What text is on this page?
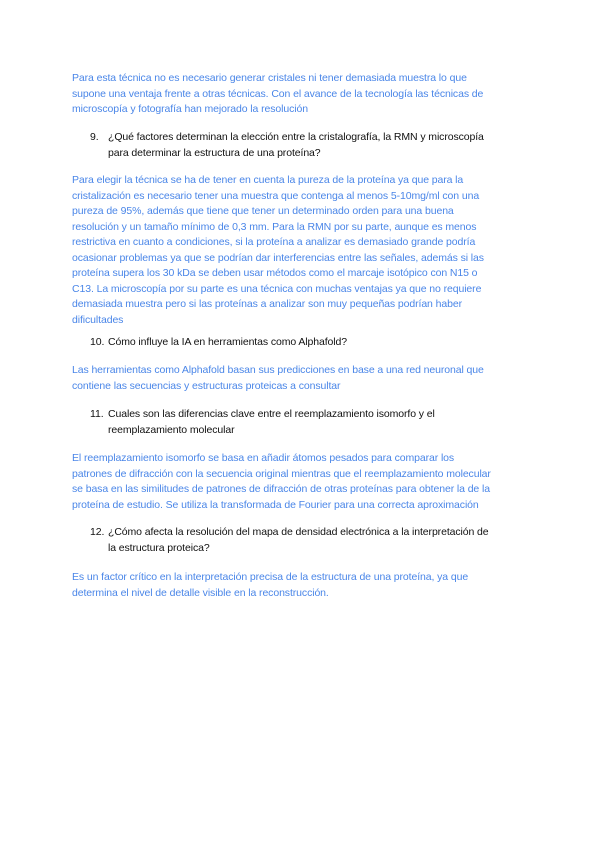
Para esta técnica no es necesario generar cristales ni tener demasiada muestra lo que
supone una ventaja frente a otras técnicas. Con el avance de la tecnología las técnicas de
microscopía y fotografía han mejorado la resolución

9. ¿Qué factores determinan la elección entre la cristalografía, la RMN y microscopía
para determinar la estructura de una proteína?

Para elegir la técnica se ha de tener en cuenta la pureza de la proteína ya que para la
cristalización es necesario tener una muestra que contenga al menos 5-10mg/ml con una
pureza de 95%, además que tiene que tener un determinado orden para una buena
resolución y un tamaño mínimo de 0,3 mm. Para la RMN por su parte, aunque es menos
restrictiva en cuanto a condiciones, si la proteína a analizar es demasiado grande podría
ocasionar problemas ya que se podrían dar interferencias entre las señales, además si las
proteína supera los 30 kDa se deben usar métodos como el marcaje isotópico con N15 o
C13. La microscopía por su parte es una técnica con muchas ventajas ya que no requiere
demasiada muestra pero si las proteínas a analizar son muy pequeñas podrían haber
dificultades

10. Cómo influye la IA en herramientas como Alphafold?

Las herramientas como Alphafold basan sus predicciones en base a una red neuronal que
contiene las secuencias y estructuras proteicas a consultar

11. Cuales son las diferencias clave entre el reemplazamiento isomorfo y el
reemplazamiento molecular

El reemplazamiento isomorfo se basa en añadir átomos pesados para comparar los
patrones de difracción con la secuencia original mientras que el reemplazamiento molecular
se basa en las similitudes de patrones de difracción de otras proteínas para obtener la de la
proteína de estudio. Se utiliza la transformada de Fourier para una correcta aproximación

12. ¿Cómo afecta la resolución del mapa de densidad electrónica a la interpretación de
la estructura proteica?

Es un factor crítico en la interpretación precisa de la estructura de una proteína, ya que
determina el nivel de detalle visible en la reconstrucción.
